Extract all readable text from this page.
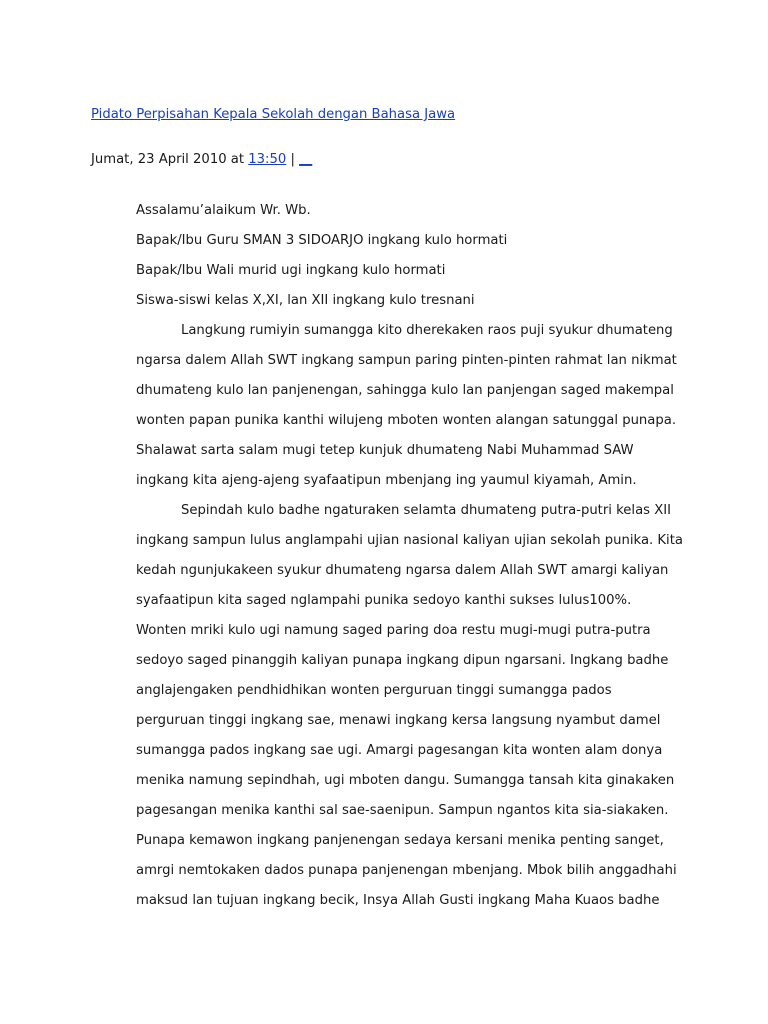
Pidato Perpisahan Kepala Sekolah dengan Bahasa Jawa
Jumat, 23 April 2010 at 13:50 | __
Assalamu’alaikum Wr. Wb.
Bapak/Ibu Guru SMAN 3 SIDOARJO ingkang kulo hormati
Bapak/Ibu Wali murid ugi ingkang kulo hormati
Siswa-siswi kelas X,XI, lan XII ingkang kulo tresnani
Langkung rumiyin sumangga kito dherekaken raos puji syukur dhumateng
ngarsa dalem Allah SWT ingkang sampun paring pinten-pinten rahmat lan nikmat
dhumateng kulo lan panjenengan, sahingga kulo lan panjengan saged makempal
wonten papan punika kanthi wilujeng mboten wonten alangan satunggal punapa.
Shalawat sarta salam mugi tetep kunjuk dhumateng Nabi Muhammad SAW
ingkang kita ajeng-ajeng syafaatipun mbenjang ing yaumul kiyamah, Amin.
Sepindah kulo badhe ngaturaken selamta dhumateng putra-putri kelas XII
ingkang sampun lulus anglampahi ujian nasional kaliyan ujian sekolah punika. Kita
kedah ngunjukakeen syukur dhumateng ngarsa dalem Allah SWT amargi kaliyan
syafaatipun kita saged nglampahi punika sedoyo kanthi sukses lulus100%.
Wonten mriki kulo ugi namung saged paring doa restu mugi-mugi putra-putra
sedoyo saged pinanggih kaliyan punapa ingkang dipun ngarsani. Ingkang badhe
anglajengaken pendhidhikan wonten perguruan tinggi sumangga pados
perguruan tinggi ingkang sae, menawi ingkang kersa langsung nyambut damel
sumangga pados ingkang sae ugi. Amargi pagesangan kita wonten alam donya
menika namung sepindhah, ugi mboten dangu. Sumangga tansah kita ginakaken
pagesangan menika kanthi sal sae-saenipun. Sampun ngantos kita sia-siakaken.
Punapa kemawon ingkang panjenengan sedaya kersani menika penting sanget,
amrgi nemtokaken dados punapa panjenengan mbenjang. Mbok bilih anggadhahi
maksud lan tujuan ingkang becik, Insya Allah Gusti ingkang Maha Kuaos badhe
